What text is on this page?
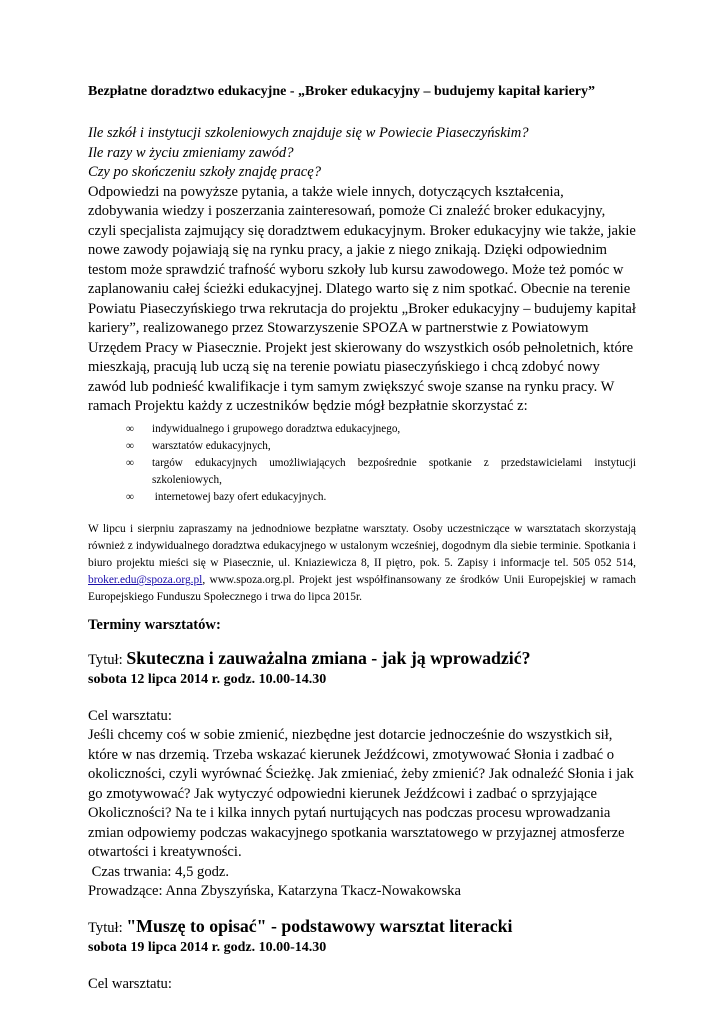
Bezpłatne doradztwo edukacyjne - „Broker edukacyjny – budujemy kapitał kariery”

Ile szkół i instytucji szkoleniowych znajduje się w Powiecie Piaseczyńskim?

Ile razy w życiu zmieniamy zawód?

Czy po skończeniu szkoły znajdę pracę?

Odpowiedzi na powyższe pytania, a także wiele innych, dotyczących kształcenia, zdobywania wiedzy i poszerzania zainteresowań, pomoże Ci znaleźć broker edukacyjny, czyli specjalista zajmujący się doradztwem edukacyjnym. Broker edukacyjny wie także, jakie nowe zawody pojawiają się na rynku pracy, a jakie z niego znikają. Dzięki odpowiednim testom może sprawdzić trafność wyboru szkoły lub kursu zawodowego. Może też pomóc w zaplanowaniu całej ścieżki edukacyjnej. Dlatego warto się z nim spotkać. Obecnie na terenie Powiatu Piaseczyńskiego trwa rekrutacja do projektu „Broker edukacyjny – budujemy kapitał kariery”, realizowanego przez Stowarzyszenie SPOZA w partnerstwie z Powiatowym Urzędem Pracy w Piasecznie. Projekt jest skierowany do wszystkich osób pełnoletnich, które mieszkają, pracują lub uczą się na terenie powiatu piaseczyńskiego i chcą zdobyć nowy zawód lub podnieść kwalifikacje i tym samym zwiększyć swoje szanse na rynku pracy. W ramach Projektu każdy z uczestników będzie mógł bezpłatnie skorzystać z:

∞	indywidualnego i grupowego doradztwa edukacyjnego,
∞	warsztatów edukacyjnych,
∞	targów edukacyjnych umożliwiających bezpośrednie spotkanie z przedstawicielami instytucji szkoleniowych,
∞	internetowej bazy ofert edukacyjnych.

W lipcu i sierpniu zapraszamy na jednodniowe bezpłatne warsztaty. Osoby uczestniczące w warsztatach skorzystają również z indywidualnego doradztwa edukacyjnego w ustalonym wcześniej, dogodnym dla siebie terminie. Spotkania i biuro projektu mieści się w Piasecznie, ul. Kniaziewicza 8, II piętro, pok. 5. Zapisy i informacje tel. 505 052 514, broker.edu@spoza.org.pl, www.spoza.org.pl. Projekt jest współfinansowany ze środków Unii Europejskiej w ramach Europejskiego Funduszu Społecznego i trwa do lipca 2015r.

Terminy warsztatów:

Tytuł: Skuteczna i zauważalna zmiana - jak ją wprowadzić?

sobota 12 lipca 2014 r. godz. 10.00-14.30

Cel warsztatu:

Jeśli chcemy coś w sobie zmienić, niezbędne jest dotarcie jednocześnie do wszystkich sił, które w nas drzemią. Trzeba wskazać kierunek Jeźdźcowi, zmotywować Słonia i zadbać o okoliczności, czyli wyrównać Ścieżkę. Jak zmieniać, żeby zmienić? Jak odnaleźć Słonia i jak go zmotywować? Jak wytyczyć odpowiedni kierunek Jeźdźcowi i zadbać o sprzyjające Okoliczności? Na te i kilka innych pytań nurtujących nas podczas procesu wprowadzania zmian odpowiemy podczas wakacyjnego spotkania warsztatowego w przyjaznej atmosferze otwartości i kreatywności.

Czas trwania: 4,5 godz.

Prowadzące: Anna Zbyszyńska, Katarzyna Tkacz-Nowakowska

Tytuł: "Muszę to opisać" - podstawowy warsztat literacki

sobota 19 lipca 2014 r. godz. 10.00-14.30

Cel warsztatu:
